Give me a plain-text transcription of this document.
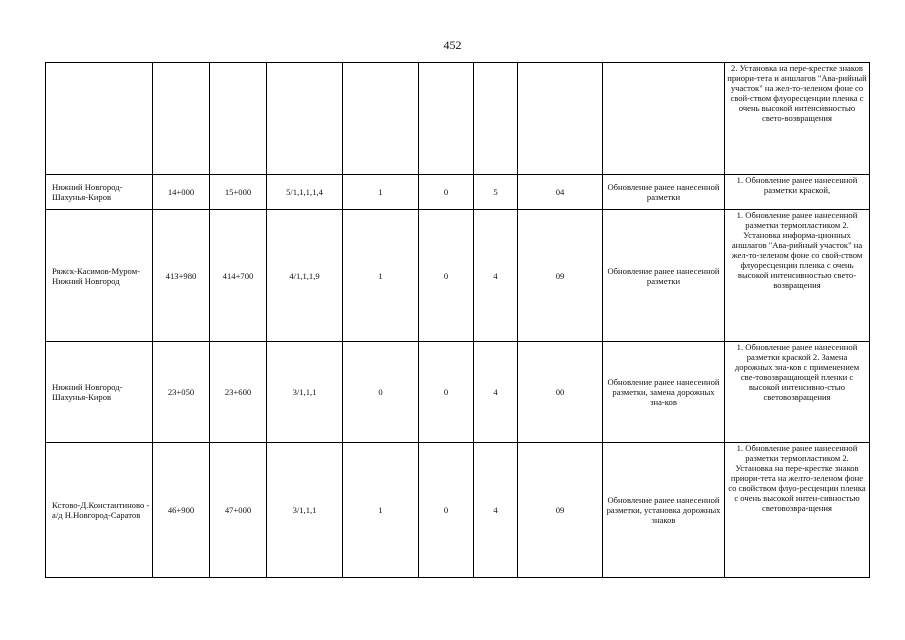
452
									2. Установка на пере-крестке знаков приори-тета и аншлагов "Ава-рийный участок" на жел-то-зеленом фоне со свой-ством флуоресценции пленка с очень высокой интенсивностью свето-возвращения
Нижний Новгород-Шахунья-Киров	14+000	15+000	5/1,1,1,1,4	1	0	5	04	Обновление ранее нанесенной разметки	1. Обновление ранее нанесенной разметки краской,
Ряжск-Касимов-Муром-Нижний Новгород	413+980	414+700	4/1,1,1,9	1	0	4	09	Обновление ранее нанесенной разметки	1. Обновление ранее нанесенной разметки термопластиком 2. Установка информа-ционных аншлагов "Ава-рийный участок" на жел-то-зеленом фоне со свой-ством флуоресценции пленка с очень высокой интенсивностью свето-возвращения
Нижний Новгород-Шахунья-Киров	23+050	23+600	3/1,1,1	0	0	4	00	Обновление ранее нанесенной разметки, замена дорожных зна-ков	1. Обновление ранее нанесенной разметки краской 2. Замена дорожных зна-ков с применением све-товозвращающей пленки с высокой интенсивно-стью световозвращения
Кстово-Д.Константиново - а/д Н.Новгород-Саратов	46+900	47+000	3/1,1,1	1	0	4	09	Обновление ранее нанесенной разметки, установка дорожных знаков	1. Обновление ранее нанесенной разметки термопластиком 2. Установка на пере-крестке знаков приори-тета на желто-зеленом фоне со свойством флуо-ресценции пленка с очень высокой интен-сивностью световозвра-щения
